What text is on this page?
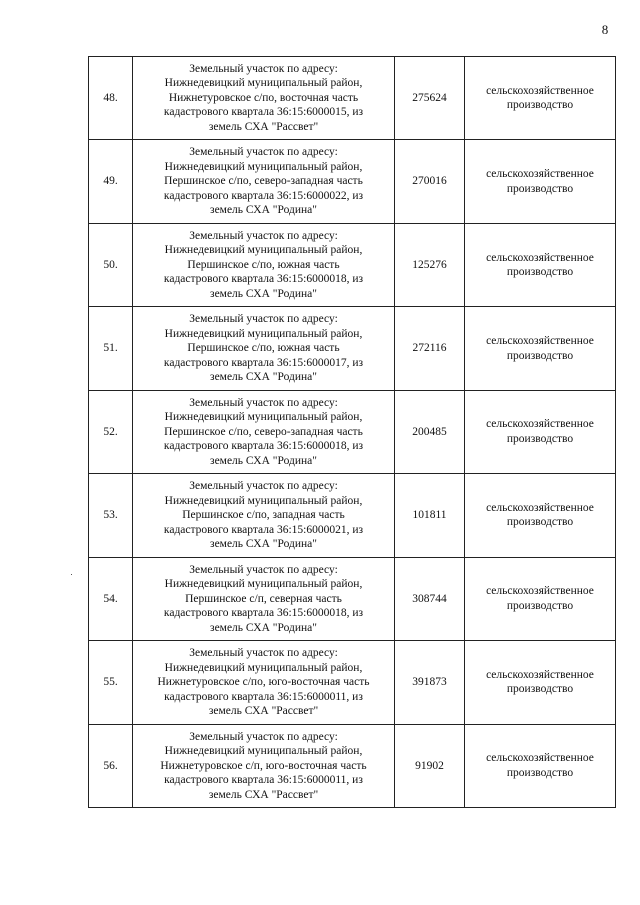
8
48.	Земельный участок по адресу:
Нижнедевицкий муниципальный район,
Нижнетуровское с/по, восточная часть
кадастрового квартала 36:15:6000015, из
земель СХА "Рассвет"	275624	сельскохозяйственное
производство
49.	Земельный участок по адресу:
Нижнедевицкий муниципальный район,
Першинское с/по, северо-западная часть
кадастрового квартала 36:15:6000022, из
земель СХА "Родина"	270016	сельскохозяйственное
производство
50.	Земельный участок по адресу:
Нижнедевицкий муниципальный район,
Першинское с/по, южная часть
кадастрового квартала 36:15:6000018, из
земель СХА "Родина"	125276	сельскохозяйственное
производство
51.	Земельный участок по адресу:
Нижнедевицкий муниципальный район,
Першинское с/по, южная часть
кадастрового квартала 36:15:6000017, из
земель СХА "Родина"	272116	сельскохозяйственное
производство
52.	Земельный участок по адресу:
Нижнедевицкий муниципальный район,
Першинское с/по, северо-западная часть
кадастрового квартала 36:15:6000018, из
земель СХА "Родина"	200485	сельскохозяйственное
производство
53.	Земельный участок по адресу:
Нижнедевицкий муниципальный район,
Першинское с/по, западная часть
кадастрового квартала 36:15:6000021, из
земель СХА "Родина"	101811	сельскохозяйственное
производство
54.	Земельный участок по адресу:
Нижнедевицкий муниципальный район,
Першинское с/п, северная часть
кадастрового квартала 36:15:6000018, из
земель СХА "Родина"	308744	сельскохозяйственное
производство
55.	Земельный участок по адресу:
Нижнедевицкий муниципальный район,
Нижнетуровское с/по, юго-восточная часть
кадастрового квартала 36:15:6000011, из
земель СХА "Рассвет"	391873	сельскохозяйственное
производство
56.	Земельный участок по адресу:
Нижнедевицкий муниципальный район,
Нижнетуровское с/п, юго-восточная часть
кадастрового квартала 36:15:6000011, из
земель СХА "Рассвет"	91902	сельскохозяйственное
производство
